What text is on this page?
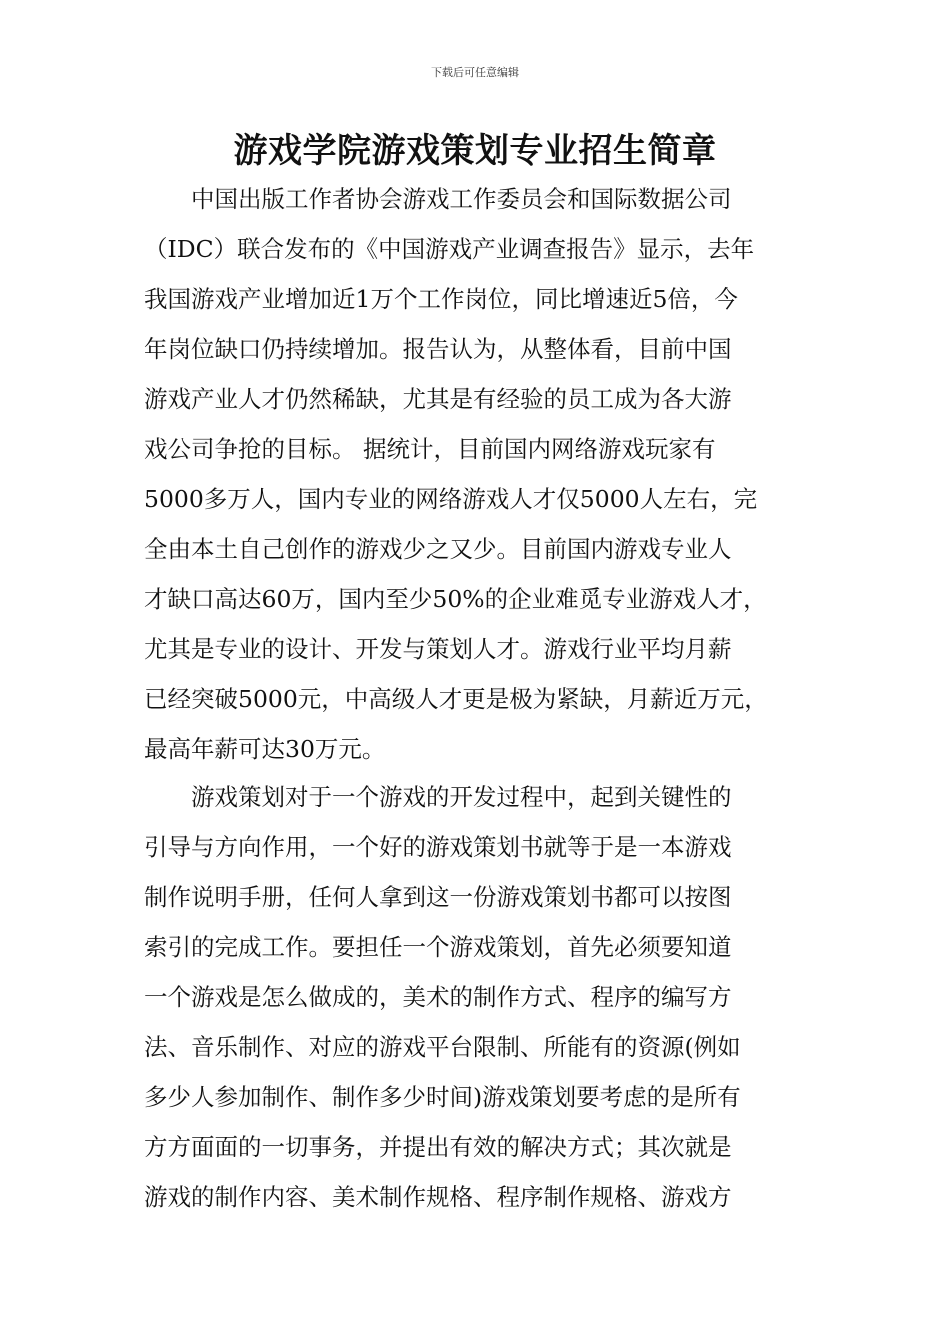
下载后可任意编辑
游戏学院游戏策划专业招生简章

中国出版工作者协会游戏工作委员会和国际数据公司
（IDC）联合发布的《中国游戏产业调查报告》显示，去年
我国游戏产业增加近1万个工作岗位，同比增速近5倍，今
年岗位缺口仍持续增加。报告认为，从整体看，目前中国
游戏产业人才仍然稀缺，尤其是有经验的员工成为各大游
戏公司争抢的目标。 据统计，目前国内网络游戏玩家有
5000多万人，国内专业的网络游戏人才仅5000人左右，完
全由本土自己创作的游戏少之又少。目前国内游戏专业人
才缺口高达60万，国内至少50%的企业难觅专业游戏人才，
尤其是专业的设计、开发与策划人才。游戏行业平均月薪
已经突破5000元，中高级人才更是极为紧缺，月薪近万元，
最高年薪可达30万元。

游戏策划对于一个游戏的开发过程中，起到关键性的
引导与方向作用，一个好的游戏策划书就等于是一本游戏
制作说明手册，任何人拿到这一份游戏策划书都可以按图
索引的完成工作。要担任一个游戏策划，首先必须要知道
一个游戏是怎么做成的，美术的制作方式、程序的编写方
法、音乐制作、对应的游戏平台限制、所能有的资源(例如
多少人参加制作、制作多少时间)游戏策划要考虑的是所有
方方面面的一切事务，并提出有效的解决方式；其次就是
游戏的制作内容、美术制作规格、程序制作规格、游戏方
